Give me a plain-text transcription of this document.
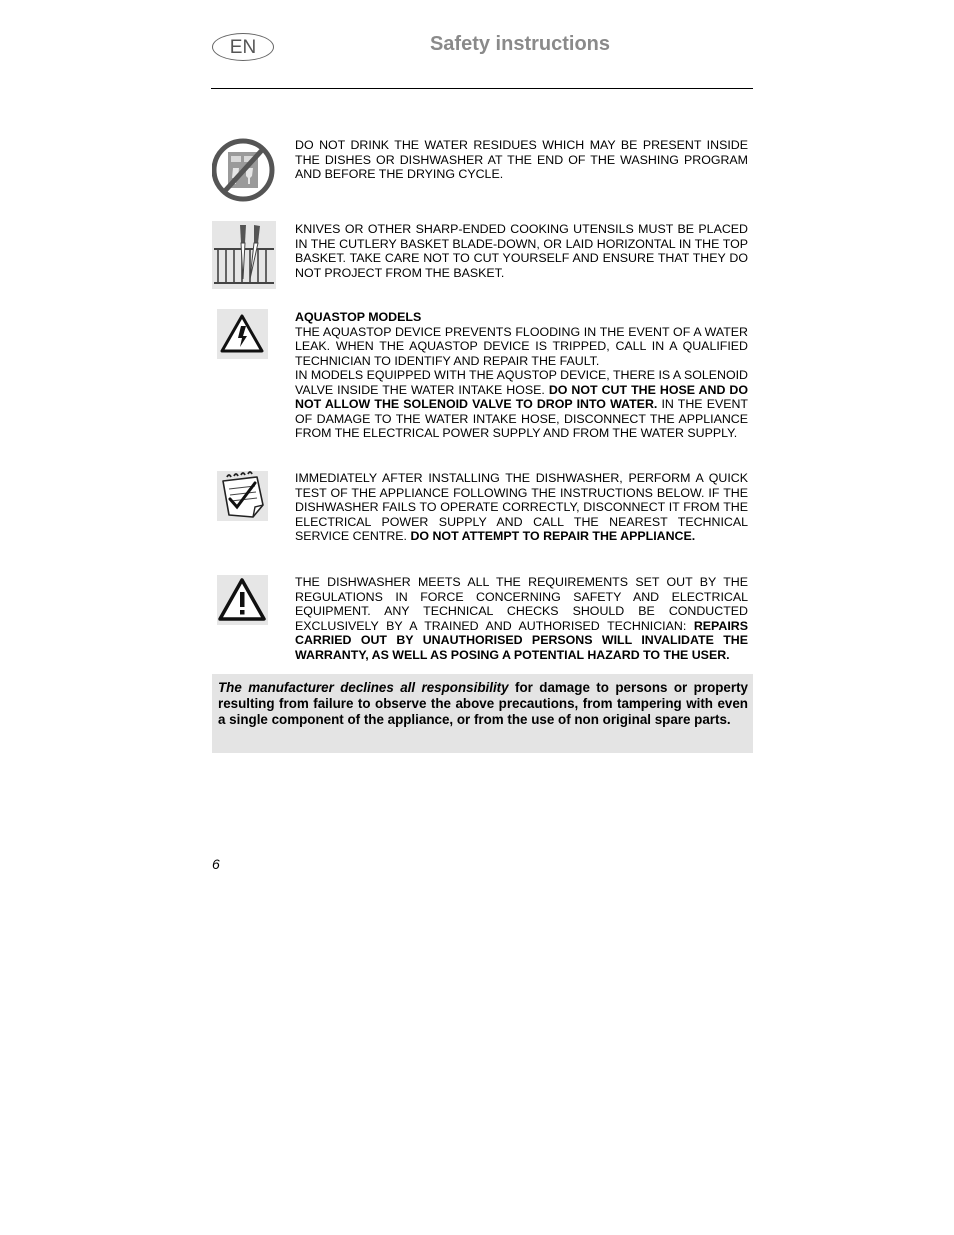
EN	Safety instructions
DO NOT DRINK THE WATER RESIDUES WHICH MAY BE PRESENT INSIDE THE DISHES OR DISHWASHER AT THE END OF THE WASHING PROGRAM AND BEFORE THE DRYING CYCLE.
KNIVES OR OTHER SHARP-ENDED COOKING UTENSILS MUST BE PLACED IN THE CUTLERY BASKET BLADE-DOWN, OR LAID HORIZONTAL IN THE TOP BASKET. TAKE CARE NOT TO CUT YOURSELF AND ENSURE THAT THEY DO NOT PROJECT FROM THE BASKET.

AQUASTOP MODELS

THE AQUASTOP DEVICE PREVENTS FLOODING IN THE EVENT OF A WATER LEAK. WHEN THE AQUASTOP DEVICE IS TRIPPED, CALL IN A QUALIFIED TECHNICIAN TO IDENTIFY AND REPAIR THE FAULT.

IN MODELS EQUIPPED WITH THE AQUSTOP DEVICE, THERE IS A SOLENOID VALVE INSIDE THE WATER INTAKE HOSE. DO NOT CUT THE HOSE AND DO NOT ALLOW THE SOLENOID VALVE TO DROP INTO WATER. IN THE EVENT OF DAMAGE TO THE WATER INTAKE HOSE, DISCONNECT THE APPLIANCE FROM THE ELECTRICAL POWER SUPPLY AND FROM THE WATER SUPPLY.

IMMEDIATELY AFTER INSTALLING THE DISHWASHER, PERFORM A QUICK TEST OF THE APPLIANCE FOLLOWING THE INSTRUCTIONS BELOW. IF THE DISHWASHER FAILS TO OPERATE CORRECTLY, DISCONNECT IT FROM THE ELECTRICAL POWER SUPPLY AND CALL THE NEAREST TECHNICAL SERVICE CENTRE. DO NOT ATTEMPT TO REPAIR THE APPLIANCE.
THE DISHWASHER MEETS ALL THE REQUIREMENTS SET OUT BY THE REGULATIONS IN FORCE CONCERNING SAFETY AND ELECTRICAL EQUIPMENT. ANY TECHNICAL CHECKS SHOULD BE CONDUCTED EXCLUSIVELY BY A TRAINED AND AUTHORISED TECHNICIAN: REPAIRS CARRIED OUT BY UNAUTHORISED PERSONS WILL INVALIDATE THE WARRANTY, AS WELL AS POSING A POTENTIAL HAZARD TO THE USER.
The manufacturer declines all responsibility for damage to persons or property resulting from failure to observe the above precautions, from tampering with even a single component of the appliance, or from the use of non original spare parts.
6
